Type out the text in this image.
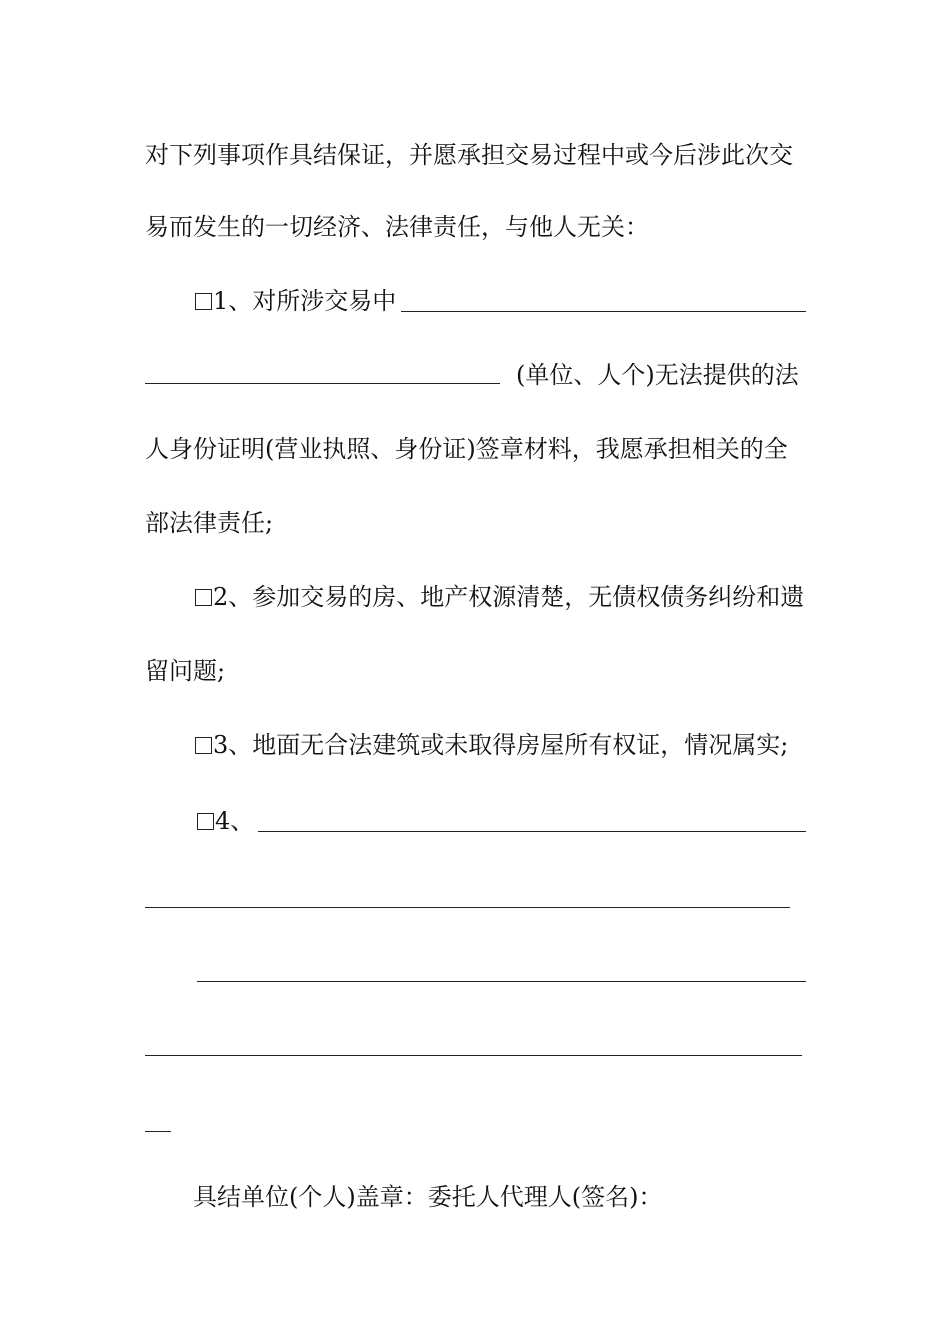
对下列事项作具结保证，并愿承担交易过程中或今后涉此次交
易而发生的一切经济、法律责任，与他人无关：
1、对所涉交易中
(单位、人个)无法提供的法
人身份证明(营业执照、身份证)签章材料，我愿承担相关的全
部法律责任;
2、参加交易的房、地产权源清楚，无债权债务纠纷和遗
留问题;
3、地面无合法建筑或未取得房屋所有权证，情况属实;
4、
具结单位(个人)盖章：委托人代理人(签名)：
